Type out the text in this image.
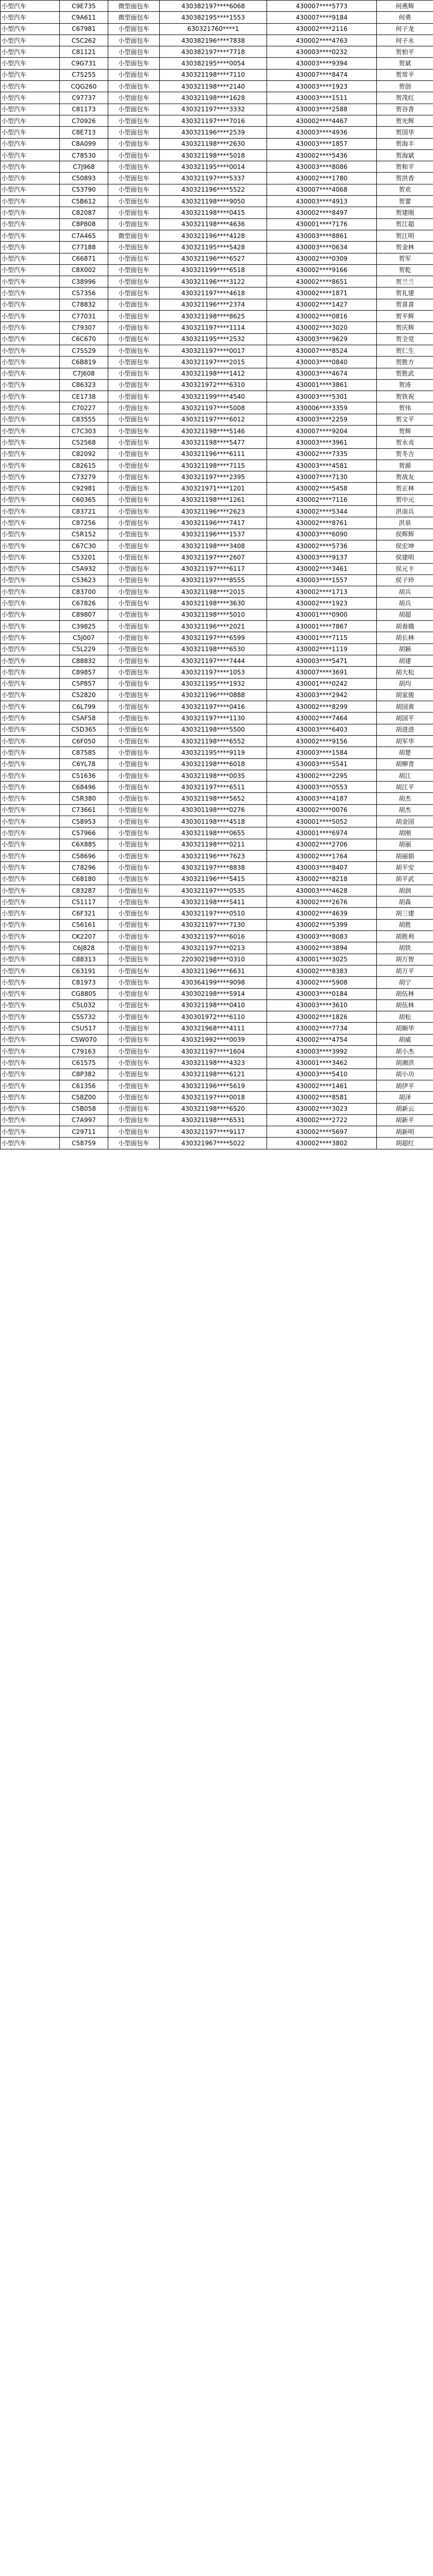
小型汽车	C9E735	微型面包车	430382197****6068	430007****5773	何燕辉
小型汽车	C9A611	微型面包车	430382195****1553	430007****9184	何勇
小型汽车	C67981	小型面包车	630321760****1	430002****2116	何子龙
小型汽车	C5C262	小型面包车	430382196****7838	430002****4763	何子永
小型汽车	C81121	小型面包车	430382197****7718	430003****0232	贺柏平
小型汽车	C9G731	小型面包车	430382195****0054	430003****9394	贺斌
小型汽车	C75255	小型面包车	430321198****7110	430007****8474	贺常平
小型汽车	CQG260	小型面包车	430321198****2140	430003****1923	贺创
小型汽车	C97737	小型面包车	430321198****1628	430003****1511	贺茂红
小型汽车	C81173	小型面包车	430321197****3332	430003****2588	贺谷香
小型汽车	C70926	小型面包车	430321197****7016	430002****4467	贺光辉
小型汽车	C8E713	小型面包车	430321196****2539	430003****4936	贺国华
小型汽车	C8A099	小型面包车	430321198****2630	430003****1857	贺海丰
小型汽车	C78530	小型面包车	430321198****5018	430002****5436	贺海斌
小型汽车	C7J968	小型面包车	430321195****0014	430003****8086	贺和平
小型汽车	C50893	小型面包车	430321197****5337	430002****1780	贺洪香
小型汽车	C53790	小型面包车	430321196****5522	430007****4068	贺欢
小型汽车	C5B612	小型面包车	430321198****9050	430003****4913	贺蕾
小型汽车	C82087	小型面包车	430321198****0415	430002****8497	贺建刚
小型汽车	C8P808	小型面包车	430321198****4636	430001****7176	贺江超
小型汽车	C7A465	微型面包车	430321196****4128	430003****8861	贺江明
小型汽车	C77188	小型面包车	430321195****5428	430003****0634	贺金林
小型汽车	C66871	小型面包车	430321196****6527	430002****0309	贺军
小型汽车	C8X002	小型面包车	430321199****6518	430002****9166	贺乾
小型汽车	C38996	小型面包车	430321196****3122	430002****8651	贺兰兰
小型汽车	C57356	小型面包车	430321197****4618	430002****1871	贺礼建
小型汽车	C78832	小型面包车	430321196****2374	430002****1427	贺喜喜
小型汽车	C77031	小型面包车	430321198****8625	430002****0816	贺平辉
小型汽车	C79307	小型面包车	430321197****1114	430002****3020	贺庆辉
小型汽车	C6C670	小型面包车	430321195****2532	430003****9629	贺全党
小型汽车	C75529	小型面包车	430321197****0017	430007****8524	贺仁生
小型汽车	C6B819	小型面包车	430321197****2015	430003****0840	贺胜方
小型汽车	C7J608	小型面包车	430321198****1412	430003****4674	贺胜武
小型汽车	C86323	小型面包车	430321972****6310	430001****3861	贺涛
小型汽车	CE1738	小型面包车	430321199****4540	430003****5301	贺铁祝
小型汽车	C70227	小型面包车	430321197****5008	430006****3359	贺伟
小型汽车	C83555	小型面包车	430321197****6012	430003****2259	贺文平
小型汽车	C7C303	小型面包车	430321198****5146	430007****9204	贺辉
小型汽车	C52568	小型面包车	430321198****5477	430003****3961	贺永贞
小型汽车	C82092	小型面包车	430321196****6111	430002****7335	贺冬吉
小型汽车	C82615	小型面包车	430321198****7115	430003****4581	贺源
小型汽车	C73279	小型面包车	430321197****2395	430007****7130	贺战友
小型汽车	C92981	小型面包车	430321971****1201	430002****5458	贺正林
小型汽车	C60365	小型面包车	430321198****1261	430002****7116	贺中元
小型汽车	C83721	小型面包车	430321196****2623	430002****5344	洪南兵
小型汽车	C87256	小型面包车	430321196****7417	430002****8761	洪泉
小型汽车	C5R152	小型面包车	430321196****1537	430003****6090	侯辉辉
小型汽车	C67C30	小型面包车	430321198****3408	430002****5736	侯宏坤
小型汽车	C53201	小型面包车	430321197****2607	430003****9137	侯建明
小型汽车	C5A932	小型面包车	430321197****6117	430002****3461	侯元卡
小型汽车	C53623	小型面包车	430321197****8555	430003****1557	侯子珍
小型汽车	C83700	小型面包车	430321198****2015	430002****1713	胡兵
小型汽车	C67826	小型面包车	430321198****3630	430002****1923	胡兵
小型汽车	C89807	小型面包车	430321198****5010	430001****0900	胡超
小型汽车	C39825	小型面包车	430321196****2021	430001****7867	胡春娥
小型汽车	C5J007	小型面包车	430321197****6599	430001****7115	胡长林
小型汽车	C5L229	小型面包车	430321198****6530	430002****1119	胡颖
小型汽车	C88832	小型面包车	430321197****7444	430003****5471	胡建
小型汽车	C89857	小型面包车	430321197****1053	430007****3691	胡大松
小型汽车	C5P857	小型面包车	430321195****1932	430001****0242	胡均
小型汽车	C52820	小型面包车	430321196****0888	430003****2942	胡家骏
小型汽车	C6L799	小型面包车	430321197****0416	430002****8299	胡国黄
小型汽车	C5AF58	小型面包车	430321197****1130	430002****7464	胡国平
小型汽车	C5D365	小型面包车	430321198****5500	430003****6403	胡进进
小型汽车	C6F050	小型面包车	430321198****6552	430002****9156	胡军华
小型汽车	C87585	小型面包车	430321195****9119	430003****1584	胡楚
小型汽车	C6YL78	小型面包车	430321198****6018	430003****5541	胡柳青
小型汽车	C51636	小型面包车	430321198****0035	430002****2295	胡江
小型汽车	C68496	小型面包车	430321197****6511	430003****0553	胡江平
小型汽车	C5R380	小型面包车	430321198****5652	430003****4187	胡杰
小型汽车	C73661	小型面包车	430301198****0276	430002****0076	胡杰
小型汽车	C58953	小型面包车	430301198****4518	430001****5052	胡金国
小型汽车	C57966	小型面包车	430321198****0655	430001****6974	胡刚
小型汽车	C6X885	小型面包车	430321198****0211	430002****2706	胡丽
小型汽车	C58696	小型面包车	430321196****7623	430002****1764	胡丽娟
小型汽车	C78296	小型面包车	430321197****8838	430003****8407	胡平安
小型汽车	C68180	小型面包车	430321196****5415	430002****8218	胡平武
小型汽车	C83287	小型面包车	430321197****0535	430003****4628	胡润
小型汽车	C51117	小型面包车	430321198****5411	430002****2676	胡森
小型汽车	C6F321	小型面包车	430321197****0510	430002****4639	胡三建
小型汽车	C56161	小型面包车	430321197****7130	430002****5399	胡胜
小型汽车	CK2207	小型面包车	430321197****6016	430003****8083	胡胜利
小型汽车	C6J828	小型面包车	430321197****0213	430002****3894	胡铁
小型汽车	C88313	小型面包车	220302198****0310	430001****3025	胡万智
小型汽车	C63191	小型面包车	430321196****6631	430002****8383	胡万平
小型汽车	C81973	小型面包车	430364199****9098	430002****5908	胡宁
小型汽车	CG8805	小型面包车	430302198****5914	430003****0184	胡伍林
小型汽车	C5L032	小型面包车	430321198****0410	430003****3610	胡伍林
小型汽车	C5S732	小型面包车	430301972****6110	430002****1826	胡松
小型汽车	C5U517	小型面包车	430321968****4111	430002****7734	胡顺华
小型汽车	C5W070	小型面包车	430321992****0039	430002****4754	胡威
小型汽车	C79163	小型面包车	430321197****1604	430003****3992	胡小杰
小型汽车	C61575	小型面包车	430321198****4323	430001****3462	胡湘洪
小型汽车	C8P382	小型面包车	430321198****6121	430003****5410	胡小功
小型汽车	C61356	小型面包车	430321196****5619	430002****1461	胡伊平
小型汽车	C58Z00	小型面包车	430321197****0018	430002****8581	胡泽
小型汽车	C5B058	小型面包车	430321198****6520	430002****3023	胡新云
小型汽车	C7A997	小型面包车	430321198****6531	430002****2722	胡新平
小型汽车	C29711	小型面包车	430321197****9117	430002****5697	胡新明
小型汽车	C58759	小型面包车	430321967****5022	430002****3802	胡超红
